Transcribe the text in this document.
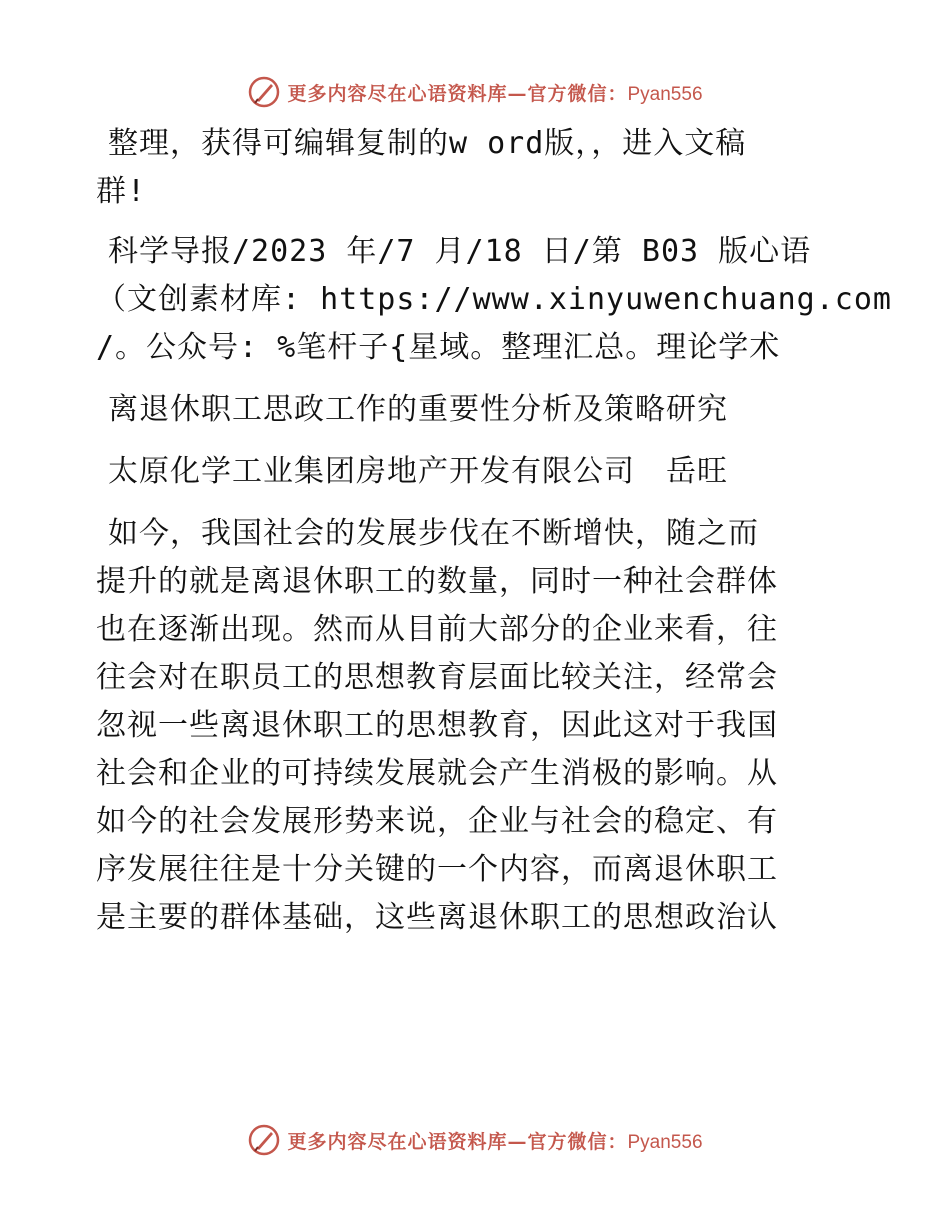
更多内容尽在心语资料库—官方微信：Pyan556
整理，获得可编辑复制的w ord版，，进入文稿
群!
科学导报/2023 年/7 月/18 日/第 B03 版心语
（文创素材库: https://www.xinyuwenchuang.com
/。公众号: %笔杆子{星域。整理汇总。理论学术
离退休职工思政工作的重要性分析及策略研究
太原化学工业集团房地产开发有限公司　岳旺
如今，我国社会的发展步伐在不断增快，随之而
提升的就是离退休职工的数量，同时一种社会群体
也在逐渐出现。然而从目前大部分的企业来看，往
往会对在职员工的思想教育层面比较关注，经常会
忽视一些离退休职工的思想教育，因此这对于我国
社会和企业的可持续发展就会产生消极的影响。从
如今的社会发展形势来说，企业与社会的稳定、有
序发展往往是十分关键的一个内容，而离退休职工
是主要的群体基础，这些离退休职工的思想政治认
更多内容尽在心语资料库—官方微信：Pyan556
